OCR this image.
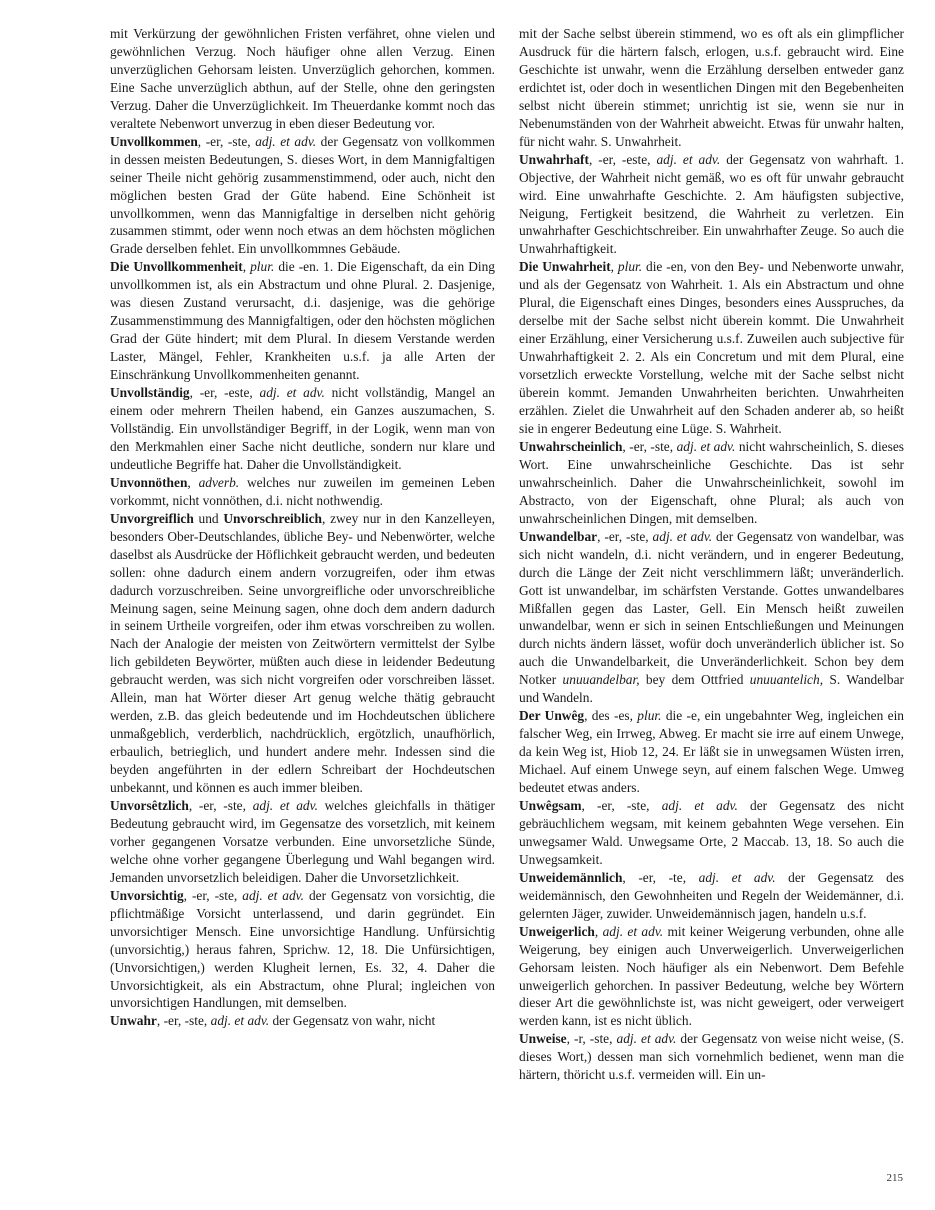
mit Verkürzung der gewöhnlichen Fristen verfähret, ohne vielen und gewöhnlichen Verzug. Noch häufiger ohne allen Verzug. Einen unverzüglichen Gehorsam leisten. Unverzüglich gehorchen, kommen. Eine Sache unverzüglich abthun, auf der Stelle, ohne den geringsten Verzug. Daher die Unverzüglichkeit. Im Theuerdanke kommt noch das veraltete Nebenwort unverzug in eben dieser Bedeutung vor.

Unvollkommen, -er, -ste, adj. et adv. der Gegensatz von vollkommen in dessen meisten Bedeutungen, S. dieses Wort, in dem Mannigfaltigen seiner Theile nicht gehörig zusammenstimmend, oder auch, nicht den möglichen besten Grad der Güte habend. Eine Schönheit ist unvollkommen, wenn das Mannigfaltige in derselben nicht gehörig zusammen stimmt, oder wenn noch etwas an dem höchsten möglichen Grade derselben fehlet. Ein unvollkommnes Gebäude.

Die Unvollkommenheit, plur. die -en. 1. Die Eigenschaft, da ein Ding unvollkommen ist, als ein Abstractum und ohne Plural. 2. Dasjenige, was diesen Zustand verursacht, d.i. dasjenige, was die gehörige Zusammenstimmung des Mannigfaltigen, oder den höchsten möglichen Grad der Güte hindert; mit dem Plural. In diesem Verstande werden Laster, Mängel, Fehler, Krankheiten u.s.f. ja alle Arten der Einschränkung Unvollkommenheiten genannt.

Unvollständig, -er, -este, adj. et adv. nicht vollständig, Mangel an einem oder mehrern Theilen habend, ein Ganzes auszumachen, S. Vollständig. Ein unvollständiger Begriff, in der Logik, wenn man von den Merkmahlen einer Sache nicht deutliche, sondern nur klare und undeutliche Begriffe hat. Daher die Unvollständigkeit.

Unvonnöthen, adverb. welches nur zuweilen im gemeinen Leben vorkommt, nicht vonnöthen, d.i. nicht nothwendig.

Unvorgreiflich und Unvorschreiblich, zwey nur in den Kanzelleyen, besonders Ober-Deutschlandes, übliche Bey- und Nebenwörter, welche daselbst als Ausdrücke der Höflichkeit gebraucht werden, und bedeuten sollen: ohne dadurch einem andern vorzugreifen, oder ihm etwas dadurch vorzuschreiben. Seine unvorgreifliche oder unvorschreibliche Meinung sagen, seine Meinung sagen, ohne doch dem andern dadurch in seinem Urtheile vorgreifen, oder ihm etwas vorschreiben zu wollen. Nach der Analogie der meisten von Zeitwörtern vermittelst der Sylbe lich gebildeten Beywörter, müßten auch diese in leidender Bedeutung gebraucht werden, was sich nicht vorgreifen oder vorschreiben lässet. Allein, man hat Wörter dieser Art genug welche thätig gebraucht werden, z.B. das gleich bedeutende und im Hochdeutschen üblichere unmaßgeblich, verderblich, nachdrücklich, ergötzlich, unaufhörlich, erbaulich, betrieglich, und hundert andere mehr. Indessen sind die beyden angeführten in der edlern Schreibart der Hochdeutschen unbekannt, und können es auch immer bleiben.

Unvorsêtzlich, -er, -ste, adj. et adv. welches gleichfalls in thätiger Bedeutung gebraucht wird, im Gegensatze des vorsetzlich, mit keinem vorher gegangenen Vorsatze verbunden. Eine unvorsetzliche Sünde, welche ohne vorher gegangene Überlegung und Wahl begangen wird. Jemanden unvorsetzlich beleidigen. Daher die Unvorsetzlichkeit.

Unvorsichtig, -er, -ste, adj. et adv. der Gegensatz von vorsichtig, die pflichtmäßige Vorsicht unterlassend, und darin gegründet. Ein unvorsichtiger Mensch. Eine unvorsichtige Handlung. Unfürsichtig (unvorsichtig,) heraus fahren, Sprichw. 12, 18. Die Unfürsichtigen, (Unvorsichtigen,) werden Klugheit lernen, Es. 32, 4. Daher die Unvorsichtigkeit, als ein Abstractum, ohne Plural; ingleichen von unvorsichtigen Handlungen, mit demselben.

Unwahr, -er, -ste, adj. et adv. der Gegensatz von wahr, nicht

mit der Sache selbst überein stimmend, wo es oft als ein glimpflicher Ausdruck für die härtern falsch, erlogen, u.s.f. gebraucht wird. Eine Geschichte ist unwahr, wenn die Erzählung derselben entweder ganz erdichtet ist, oder doch in wesentlichen Dingen mit den Begebenheiten selbst nicht überein stimmet; unrichtig ist sie, wenn sie nur in Nebenumständen von der Wahrheit abweicht. Etwas für unwahr halten, für nicht wahr. S. Unwahrheit.

Unwahrhaft, -er, -este, adj. et adv. der Gegensatz von wahrhaft. 1. Objective, der Wahrheit nicht gemäß, wo es oft für unwahr gebraucht wird. Eine unwahrhafte Geschichte. 2. Am häufigsten subjective, Neigung, Fertigkeit besitzend, die Wahrheit zu verletzen. Ein unwahrhafter Geschichtschreiber. Ein unwahrhafter Zeuge. So auch die Unwahrhaftigkeit.

Die Unwahrheit, plur. die -en, von den Bey- und Nebenworte unwahr, und als der Gegensatz von Wahrheit. 1. Als ein Abstractum und ohne Plural, die Eigenschaft eines Dinges, besonders eines Ausspruches, da derselbe mit der Sache selbst nicht überein kommt. Die Unwahrheit einer Erzählung, einer Versicherung u.s.f. Zuweilen auch subjective für Unwahrhaftigkeit 2. 2. Als ein Concretum und mit dem Plural, eine vorsetzlich erweckte Vorstellung, welche mit der Sache selbst nicht überein kommt. Jemanden Unwahrheiten berichten. Unwahrheiten erzählen. Zielet die Unwahrheit auf den Schaden anderer ab, so heißt sie in engerer Bedeutung eine Lüge. S. Wahrheit.

Unwahrscheinlich, -er, -ste, adj. et adv. nicht wahrscheinlich, S. dieses Wort. Eine unwahrscheinliche Geschichte. Das ist sehr unwahrscheinlich. Daher die Unwahrscheinlichkeit, sowohl im Abstracto, von der Eigenschaft, ohne Plural; als auch von unwahrscheinlichen Dingen, mit demselben.

Unwandelbar, -er, -ste, adj. et adv. der Gegensatz von wandelbar, was sich nicht wandeln, d.i. nicht verändern, und in engerer Bedeutung, durch die Länge der Zeit nicht verschlimmern läßt; unveränderlich. Gott ist unwandelbar, im schärfsten Verstande. Gottes unwandelbares Mißfallen gegen das Laster, Gell. Ein Mensch heißt zuweilen unwandelbar, wenn er sich in seinen Entschließungen und Meinungen durch nichts ändern lässet, wofür doch unveränderlich üblicher ist. So auch die Unwandelbarkeit, die Unveränderlichkeit. Schon bey dem Notker unuuandelbar, bey dem Ottfried unuuantelich, S. Wandelbar und Wandeln.

Der Unwêg, des -es, plur. die -e, ein ungebahnter Weg, ingleichen ein falscher Weg, ein Irrweg, Abweg. Er macht sie irre auf einem Unwege, da kein Weg ist, Hiob 12, 24. Er läßt sie in unwegsamen Wüsten irren, Michael. Auf einem Unwege seyn, auf einem falschen Wege. Umweg bedeutet etwas anders.

Unwêgsam, -er, -ste, adj. et adv. der Gegensatz des nicht gebräuchlichem wegsam, mit keinem gebahnten Wege versehen. Ein unwegsamer Wald. Unwegsame Orte, 2 Maccab. 13, 18. So auch die Unwegsamkeit.

Unweidemännlich, -er, -te, adj. et adv. der Gegensatz des weidemännisch, den Gewohnheiten und Regeln der Weidemänner, d.i. gelernten Jäger, zuwider. Unweidemännisch jagen, handeln u.s.f.

Unweigerlich, adj. et adv. mit keiner Weigerung verbunden, ohne alle Weigerung, bey einigen auch Unverweigerlich. Unverweigerlichen Gehorsam leisten. Noch häufiger als ein Nebenwort. Dem Befehle unweigerlich gehorchen. In passiver Bedeutung, welche bey Wörtern dieser Art die gewöhnlichste ist, was nicht geweigert, oder verweigert werden kann, ist es nicht üblich.

Unweise, -r, -ste, adj. et adv. der Gegensatz von weise nicht weise, (S. dieses Wort,) dessen man sich vornehmlich bedienet, wenn man die härtern, thöricht u.s.f. vermeiden will. Ein un-

215
